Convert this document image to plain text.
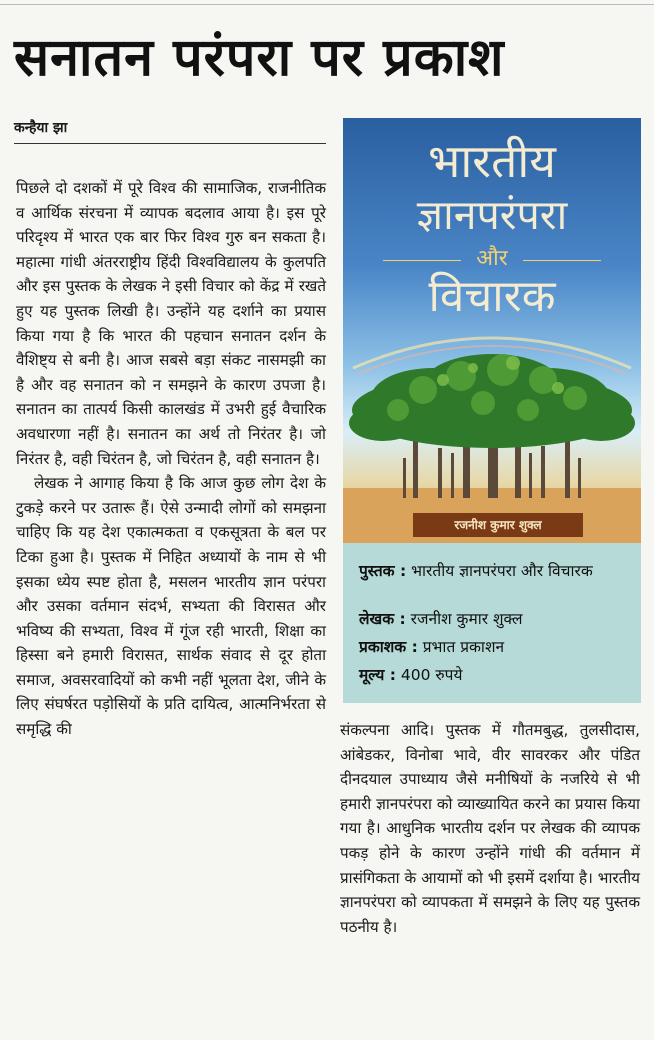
सनातन परंपरा पर प्रकाश
कन्हैया झा

पिछले दो दशकों में पूरे विश्व की सामाजिक, राजनीतिक व आर्थिक संरचना में व्यापक बदलाव आया है। इस पूरे परिदृश्य में भारत एक बार फिर विश्व गुरु बन सकता है। महात्मा गांधी अंतरराष्ट्रीय हिंदी विश्वविद्यालय के कुलपति और इस पुस्तक के लेखक ने इसी विचार को केंद्र में रखते हुए यह पुस्तक लिखी है। उन्होंने यह दर्शाने का प्रयास किया गया है कि भारत की पहचान सनातन दर्शन के वैशिष्ट्य से बनी है। आज सबसे बड़ा संकट नासमझी का है और वह सनातन को न समझने के कारण उपजा है। सनातन का तात्पर्य किसी कालखंड में उभरी हुई वैचारिक अवधारणा नहीं है। सनातन का अर्थ तो निरंतर है। जो निरंतर है, वही चिरंतन है, जो चिरंतन है, वही सनातन है।

लेखक ने आगाह किया है कि आज कुछ लोग देश के टुकड़े करने पर उतारू हैं। ऐसे उन्मादी लोगों को समझना चाहिए कि यह देश एकात्मकता व एकसूत्रता के बल पर टिका हुआ है। पुस्तक में निहित अध्यायों के नाम से भी इसका ध्येय स्पष्ट होता है, मसलन भारतीय ज्ञान परंपरा और उसका वर्तमान संदर्भ, सभ्यता की विरासत और भविष्य की सभ्यता, विश्व में गूंज रही भारती, शिक्षा का हिस्सा बने हमारी विरासत, सार्थक संवाद से दूर होता समाज, अवसरवादियों को कभी नहीं भूलता देश, जीने के लिए संघर्षरत पड़ोसियों के प्रति दायित्व, आत्मनिर्भरता से समृद्धि की

भारतीय
ज्ञानपरंपरा
और
विचारक
रजनीश कुमार शुक्ल
पुस्तक : भारतीय ज्ञानपरंपरा और विचारक
लेखक : रजनीश कुमार शुक्ल
प्रकाशक : प्रभात प्रकाशन
मूल्य : 400 रुपये

संकल्पना आदि। पुस्तक में गौतमबुद्ध, तुलसीदास, आंबेडकर, विनोबा भावे, वीर सावरकर और पंडित दीनदयाल उपाध्याय जैसे मनीषियों के नजरिये से भी हमारी ज्ञानपरंपरा को व्याख्यायित करने का प्रयास किया गया है। आधुनिक भारतीय दर्शन पर लेखक की व्यापक पकड़ होने के कारण उन्होंने गांधी की वर्तमान में प्रासंगिकता के आयामों को भी इसमें दर्शाया है। भारतीय ज्ञानपरंपरा को व्यापकता में समझने के लिए यह पुस्तक पठनीय है।
